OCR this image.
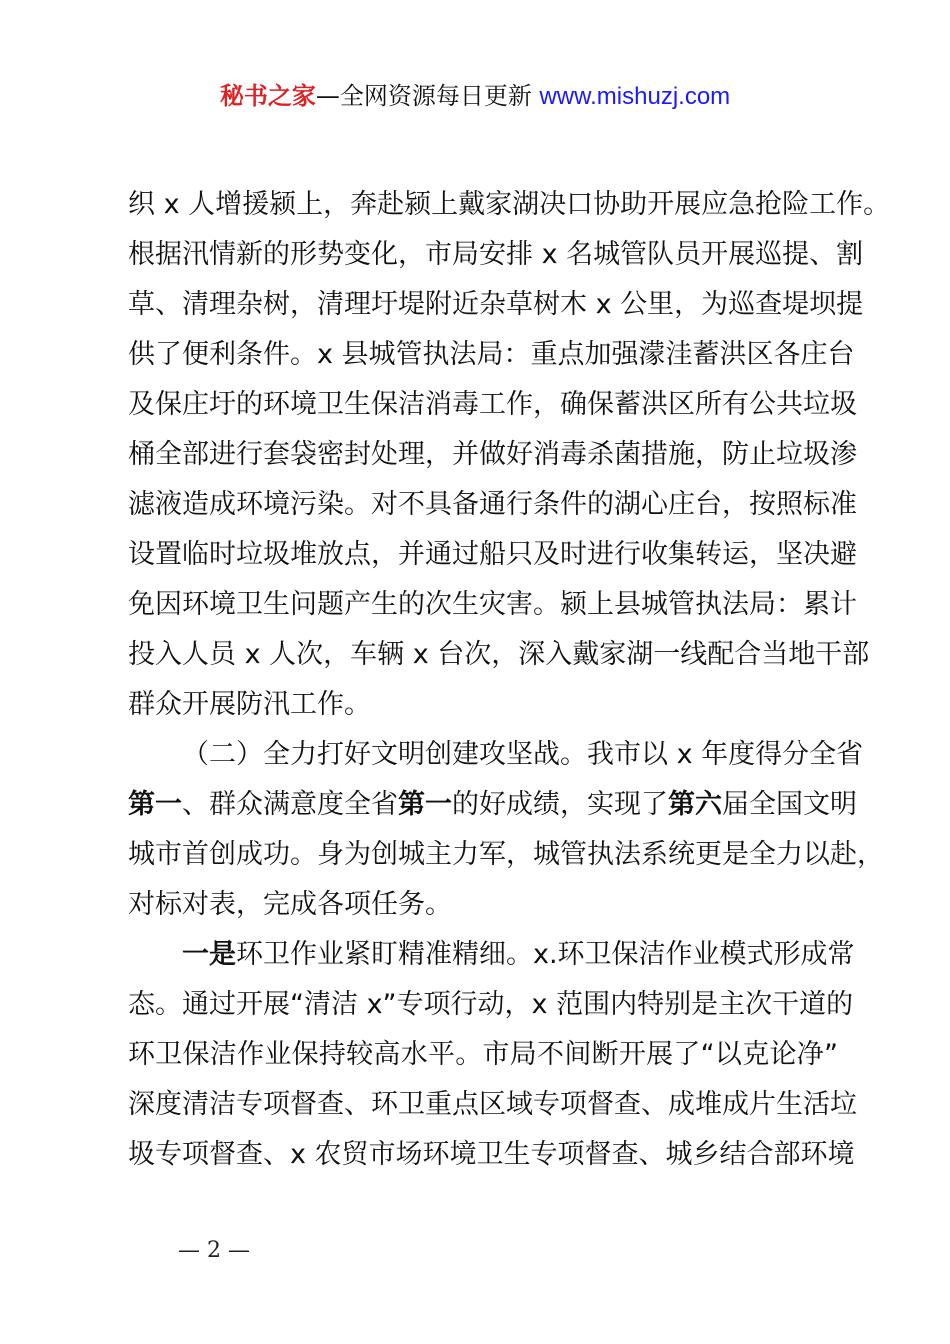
秘书之家—全网资源每日更新 www.mishuzj.com
织 x 人增援颍上，奔赴颍上戴家湖决口协助开展应急抢险工作。
根据汛情新的形势变化，市局安排 x 名城管队员开展巡提、割
草、清理杂树，清理圩堤附近杂草树木 x 公里，为巡查堤坝提
供了便利条件。x 县城管执法局：重点加强濛洼蓄洪区各庄台
及保庄圩的环境卫生保洁消毒工作，确保蓄洪区所有公共垃圾
桶全部进行套袋密封处理，并做好消毒杀菌措施，防止垃圾渗
滤液造成环境污染。对不具备通行条件的湖心庄台，按照标准
设置临时垃圾堆放点，并通过船只及时进行收集转运，坚决避
免因环境卫生问题产生的次生灾害。颍上县城管执法局：累计
投入人员 x 人次，车辆 x 台次，深入戴家湖一线配合当地干部
群众开展防汛工作。
（二）全力打好文明创建攻坚战。我市以 x 年度得分全省
第一、群众满意度全省第一的好成绩，实现了第六届全国文明
城市首创成功。身为创城主力军，城管执法系统更是全力以赴，
对标对表，完成各项任务。
一是环卫作业紧盯精准精细。x.环卫保洁作业模式形成常
态。通过开展“清洁 x”专项行动，x 范围内特别是主次干道的
环卫保洁作业保持较高水平。市局不间断开展了“以克论净”
深度清洁专项督查、环卫重点区域专项督查、成堆成片生活垃
圾专项督查、x 农贸市场环境卫生专项督查、城乡结合部环境
— 2 —
